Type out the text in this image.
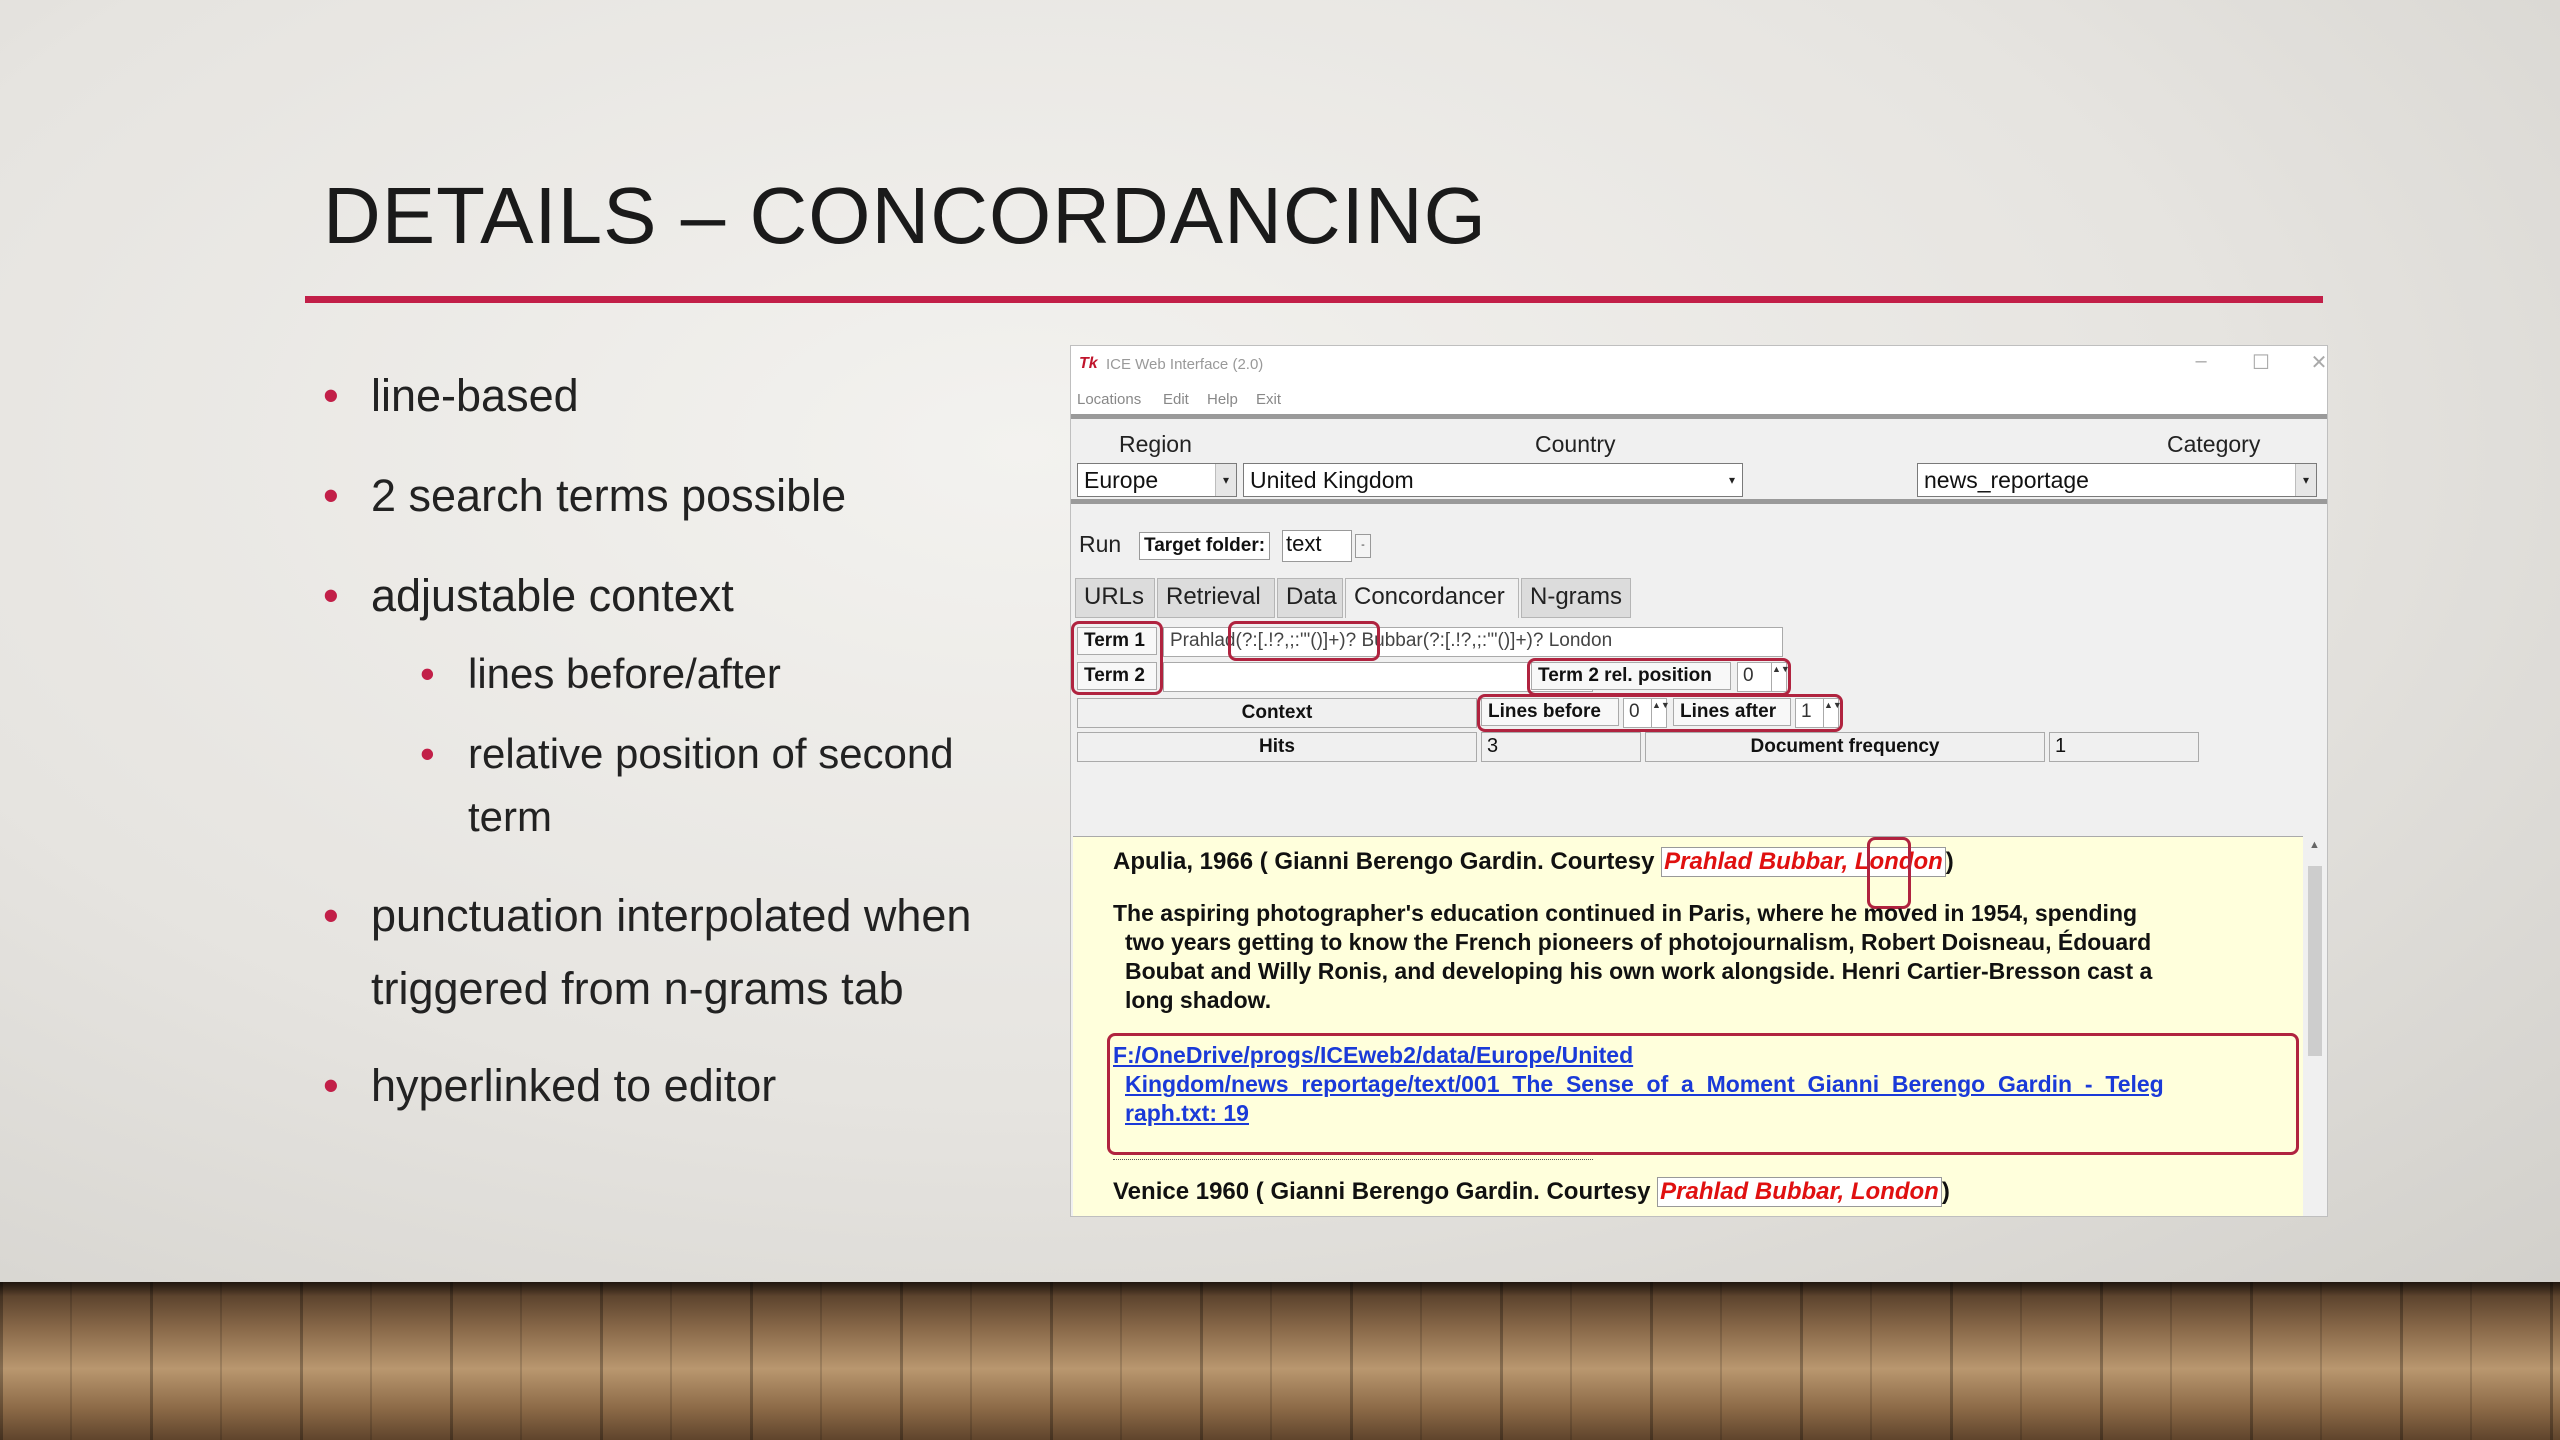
DETAILS – CONCORDANCING
• line-based
• 2 search terms possible
• adjustable context
• lines before/after
• relative position of second
term
• punctuation interpolated when
triggered from n-grams tab
• hyperlinked to editor
Tk ICE Web Interface (2.0)	–	☐	✕
Locations Edit Help Exit
Region	Country	Category
Europe	▾ United Kingdom	▾	news_reportage	▾
Run Target folder: text	-
URLs Retrieval	Data Concordancer	N-grams
Term 1	Prahlad(?:[.!?,;:'"()]+)? Bubbar(?:[.!?,;:'"()]+)? London
Term 2	Term 2 rel. position	0 ▲▼
Context	Lines before	0 ▲▼ Lines after	1 ▲▼
Hits	3	Document frequency	1
Apulia, 1966 ( Gianni Berengo Gardin. Courtesy Prahlad Bubbar, London )
The aspiring photographer's education continued in Paris, where he moved in 1954, spending
two years getting to know the French pioneers of photojournalism, Robert Doisneau, Édouard
Boubat and Willy Ronis, and developing his own work alongside. Henri Cartier-Bresson cast a
long shadow.
F:/OneDrive/progs/ICEweb2/data/Europe/United
Kingdom/news_reportage/text/001_The_Sense_of_a_Moment_Gianni_Berengo_Gardin_-_Teleg
raph.txt: 19
Venice 1960 ( Gianni Berengo Gardin. Courtesy Prahlad Bubbar, London )
▲
